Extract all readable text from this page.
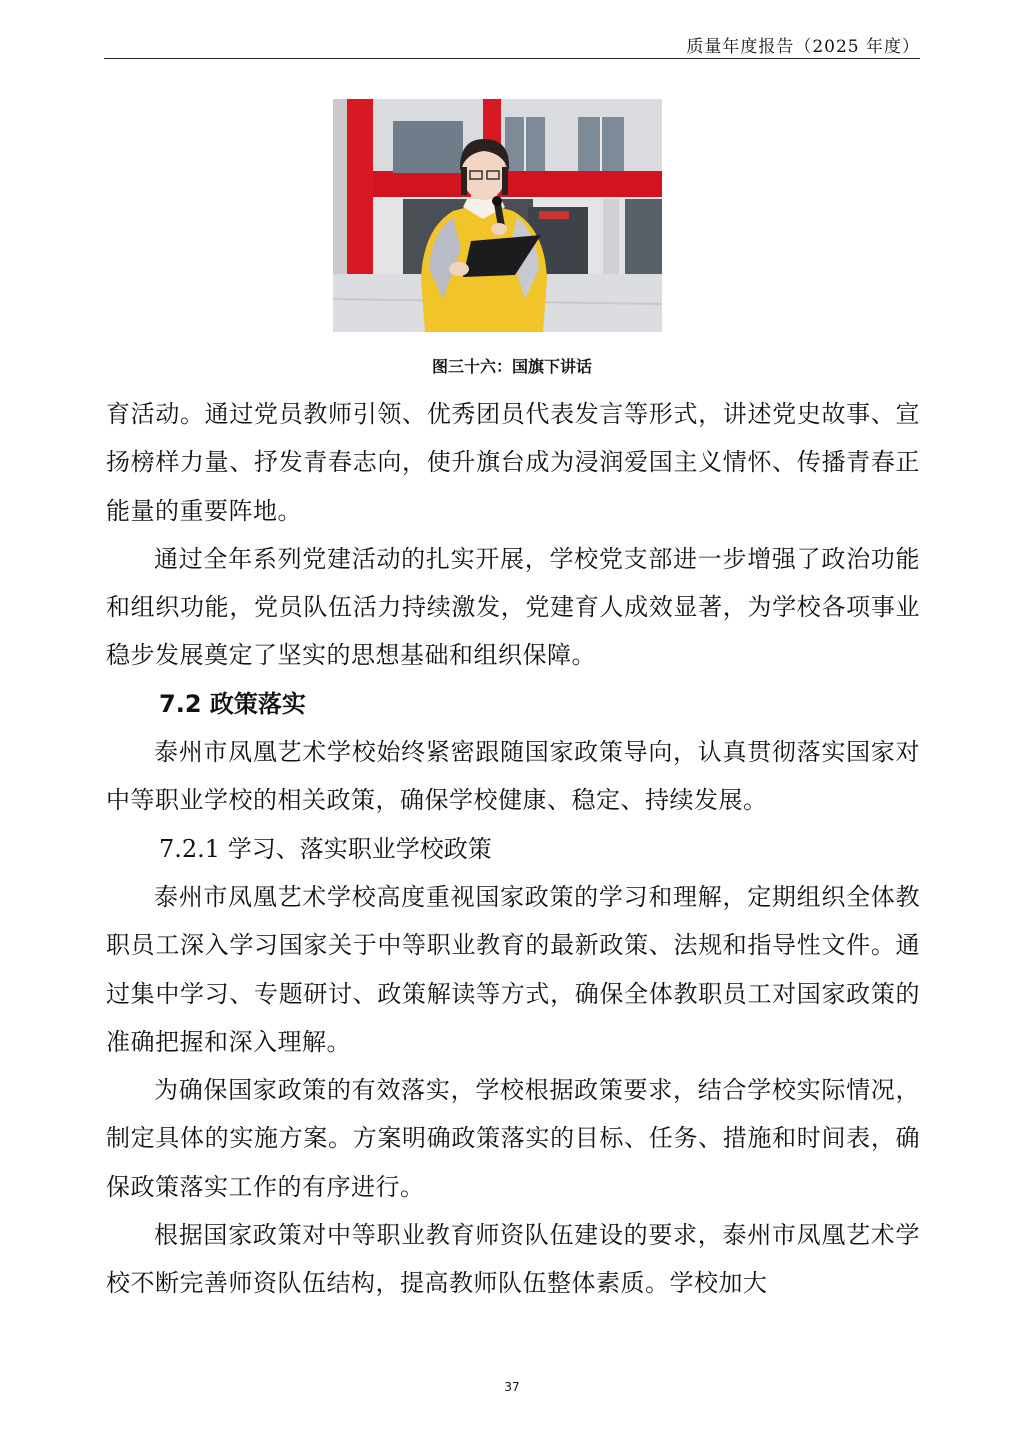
质量年度报告（2025 年度）
图三十六：国旗下讲话

育活动。通过党员教师引领、优秀团员代表发言等形式，讲述党史故事、宣扬榜样力量、抒发青春志向，使升旗台成为浸润爱国主义情怀、传播青春正能量的重要阵地。

通过全年系列党建活动的扎实开展，学校党支部进一步增强了政治功能和组织功能，党员队伍活力持续激发，党建育人成效显著，为学校各项事业稳步发展奠定了坚实的思想基础和组织保障。

7.2 政策落实

泰州市凤凰艺术学校始终紧密跟随国家政策导向，认真贯彻落实国家对中等职业学校的相关政策，确保学校健康、稳定、持续发展。

7.2.1 学习、落实职业学校政策

泰州市凤凰艺术学校高度重视国家政策的学习和理解，定期组织全体教职员工深入学习国家关于中等职业教育的最新政策、法规和指导性文件。通过集中学习、专题研讨、政策解读等方式，确保全体教职员工对国家政策的准确把握和深入理解。

为确保国家政策的有效落实，学校根据政策要求，结合学校实际情况，制定具体的实施方案。方案明确政策落实的目标、任务、措施和时间表，确保政策落实工作的有序进行。

根据国家政策对中等职业教育师资队伍建设的要求，泰州市凤凰艺术学校不断完善师资队伍结构，提高教师队伍整体素质。学校加大

37
